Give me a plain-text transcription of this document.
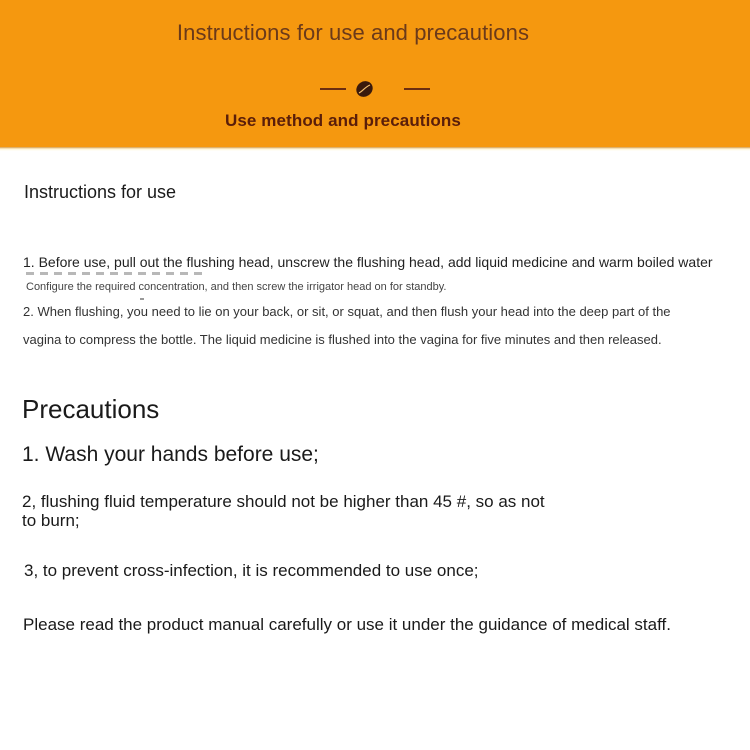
Instructions for use and precautions
Use method and precautions
Instructions for use
1. Before use, pull out the flushing head, unscrew the flushing head, add liquid medicine and warm boiled water
Configure the required concentration, and then screw the irrigator head on for standby.
2. When flushing, you need to lie on your back, or sit, or squat, and then flush your head into the deep part of the
vagina to compress the bottle. The liquid medicine is flushed into the vagina for five minutes and then released.
Precautions
1. Wash your hands before use;
2, flushing fluid temperature should not be higher than 45 #, so as not to burn;
3, to prevent cross-infection, it is recommended to use once;
Please read the product manual carefully or use it under the guidance of medical staff.
